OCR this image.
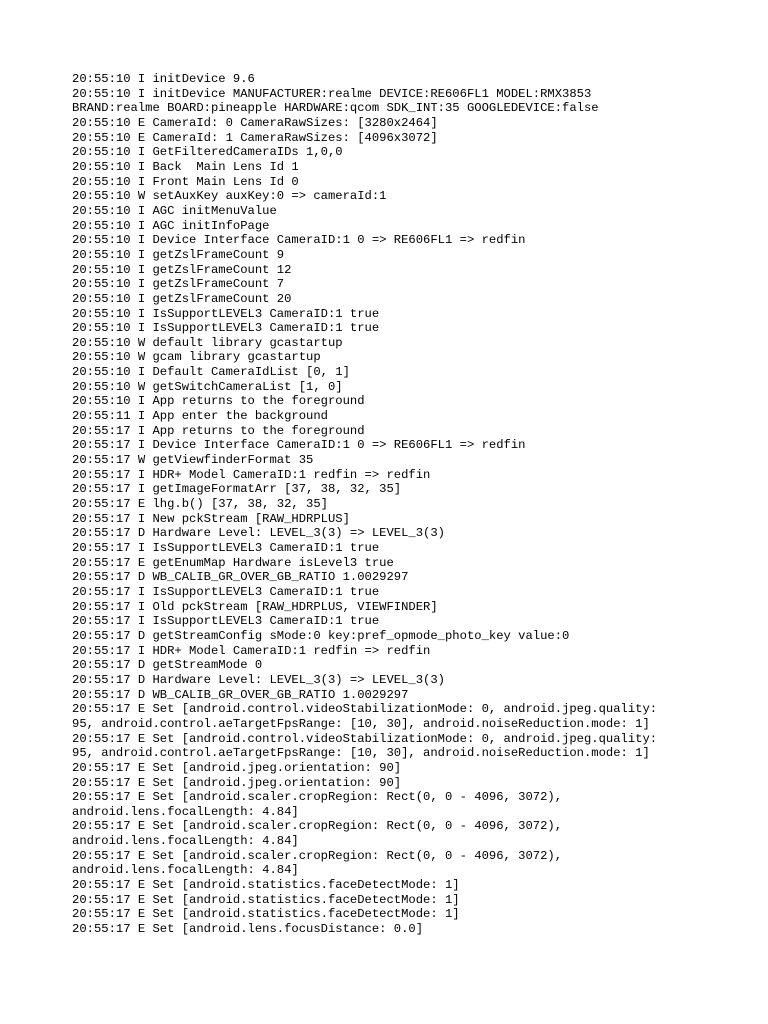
20:55:10 I initDevice 9.6
20:55:10 I initDevice MANUFACTURER:realme DEVICE:RE606FL1 MODEL:RMX3853
BRAND:realme BOARD:pineapple HARDWARE:qcom SDK_INT:35 GOOGLEDEVICE:false
20:55:10 E CameraId: 0 CameraRawSizes: [3280x2464]
20:55:10 E CameraId: 1 CameraRawSizes: [4096x3072]
20:55:10 I GetFilteredCameraIDs 1,0,0
20:55:10 I Back  Main Lens Id 1
20:55:10 I Front Main Lens Id 0
20:55:10 W setAuxKey auxKey:0 => cameraId:1
20:55:10 I AGC initMenuValue
20:55:10 I AGC initInfoPage
20:55:10 I Device Interface CameraID:1 0 => RE606FL1 => redfin
20:55:10 I getZslFrameCount 9
20:55:10 I getZslFrameCount 12
20:55:10 I getZslFrameCount 7
20:55:10 I getZslFrameCount 20
20:55:10 I IsSupportLEVEL3 CameraID:1 true
20:55:10 I IsSupportLEVEL3 CameraID:1 true
20:55:10 W default library gcastartup
20:55:10 W gcam library gcastartup
20:55:10 I Default CameraIdList [0, 1]
20:55:10 W getSwitchCameraList [1, 0]
20:55:10 I App returns to the foreground
20:55:11 I App enter the background
20:55:17 I App returns to the foreground
20:55:17 I Device Interface CameraID:1 0 => RE606FL1 => redfin
20:55:17 W getViewfinderFormat 35
20:55:17 I HDR+ Model CameraID:1 redfin => redfin
20:55:17 I getImageFormatArr [37, 38, 32, 35]
20:55:17 E lhg.b() [37, 38, 32, 35]
20:55:17 I New pckStream [RAW_HDRPLUS]
20:55:17 D Hardware Level: LEVEL_3(3) => LEVEL_3(3)
20:55:17 I IsSupportLEVEL3 CameraID:1 true
20:55:17 E getEnumMap Hardware isLevel3 true
20:55:17 D WB_CALIB_GR_OVER_GB_RATIO 1.0029297
20:55:17 I IsSupportLEVEL3 CameraID:1 true
20:55:17 I Old pckStream [RAW_HDRPLUS, VIEWFINDER]
20:55:17 I IsSupportLEVEL3 CameraID:1 true
20:55:17 D getStreamConfig sMode:0 key:pref_opmode_photo_key value:0
20:55:17 I HDR+ Model CameraID:1 redfin => redfin
20:55:17 D getStreamMode 0
20:55:17 D Hardware Level: LEVEL_3(3) => LEVEL_3(3)
20:55:17 D WB_CALIB_GR_OVER_GB_RATIO 1.0029297
20:55:17 E Set [android.control.videoStabilizationMode: 0, android.jpeg.quality:
95, android.control.aeTargetFpsRange: [10, 30], android.noiseReduction.mode: 1]
20:55:17 E Set [android.control.videoStabilizationMode: 0, android.jpeg.quality:
95, android.control.aeTargetFpsRange: [10, 30], android.noiseReduction.mode: 1]
20:55:17 E Set [android.jpeg.orientation: 90]
20:55:17 E Set [android.jpeg.orientation: 90]
20:55:17 E Set [android.scaler.cropRegion: Rect(0, 0 - 4096, 3072),
android.lens.focalLength: 4.84]
20:55:17 E Set [android.scaler.cropRegion: Rect(0, 0 - 4096, 3072),
android.lens.focalLength: 4.84]
20:55:17 E Set [android.scaler.cropRegion: Rect(0, 0 - 4096, 3072),
android.lens.focalLength: 4.84]
20:55:17 E Set [android.statistics.faceDetectMode: 1]
20:55:17 E Set [android.statistics.faceDetectMode: 1]
20:55:17 E Set [android.statistics.faceDetectMode: 1]
20:55:17 E Set [android.lens.focusDistance: 0.0]
